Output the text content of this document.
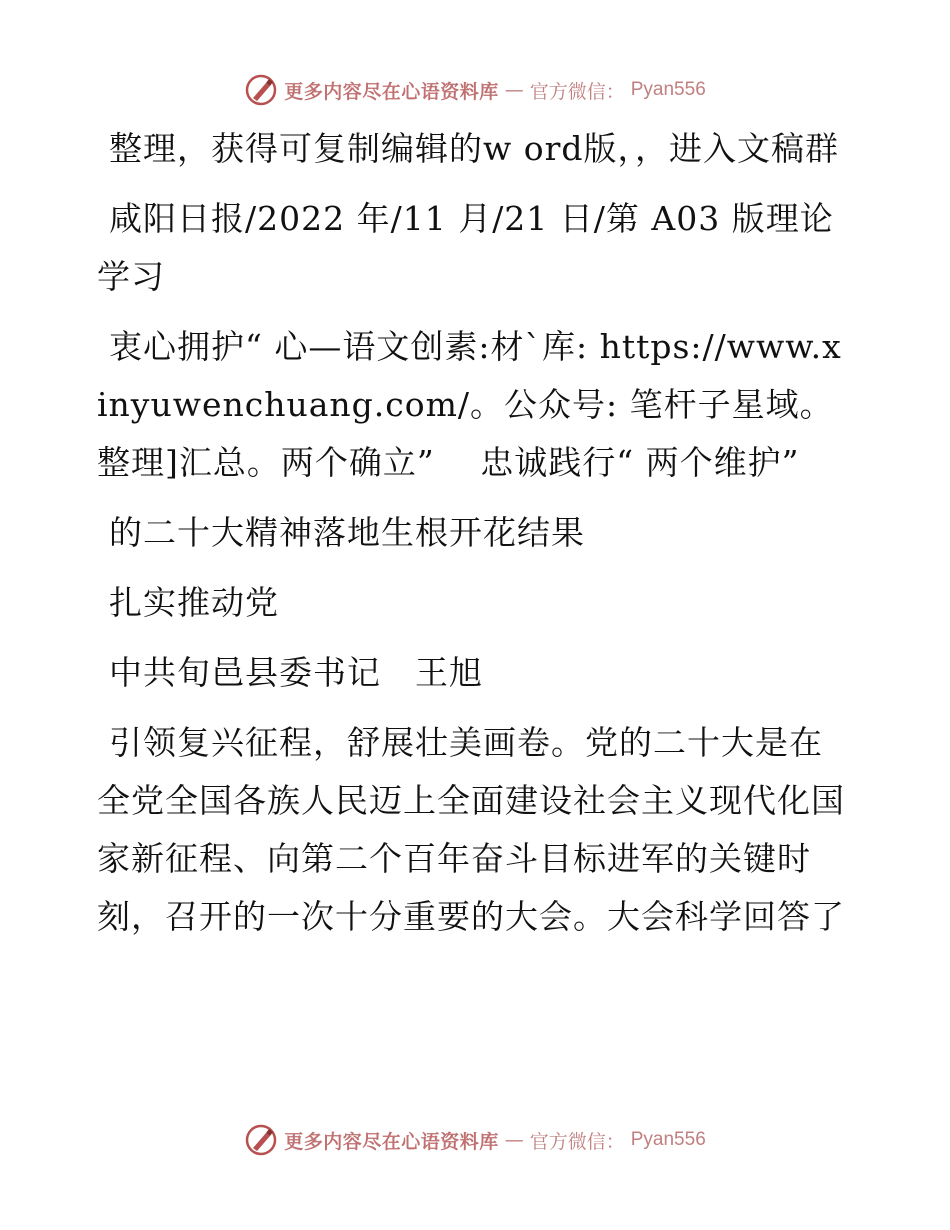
更多内容尽在心语资料库 — 官方微信： Pyan556

整理，获得可复制编辑的w ord版，，进入文稿群

咸阳日报/2022 年/11 月/21 日/第 A03 版理论学习

衷心拥护“ 心—语文创素:材`库: https://www.xinyuwenchuang.com/。公众号: 笔杆子星域。整理]汇总。两个确立”　 忠诚践行“ 两个维护”

的二十大精神落地生根开花结果

扎实推动党

中共旬邑县委书记　王旭

引领复兴征程，舒展壮美画卷。党的二十大是在全党全国各族人民迈上全面建设社会主义现代化国家新征程、向第二个百年奋斗目标进军的关键时刻，召开的一次十分重要的大会。大会科学回答了

更多内容尽在心语资料库 — 官方微信： Pyan556
